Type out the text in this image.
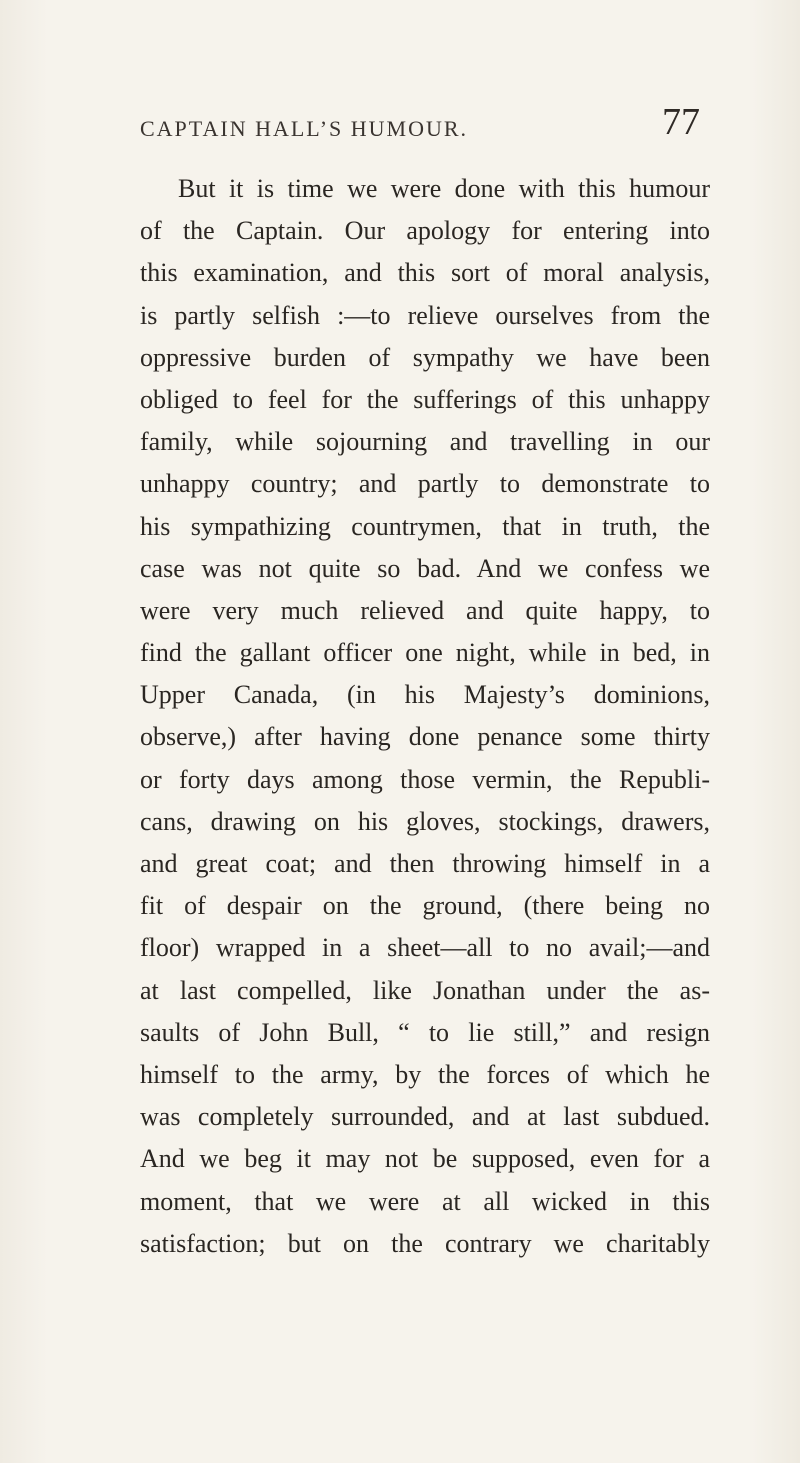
CAPTAIN HALL’S HUMOUR.	77
But it is time we were done with this humour
of the Captain. Our apology for entering into
this examination, and this sort of moral analysis,
is partly selfish :—to relieve ourselves from the
oppressive burden of sympathy we have been
obliged to feel for the sufferings of this unhappy
family, while sojourning and travelling in our
unhappy country; and partly to demonstrate to
his sympathizing countrymen, that in truth, the
case was not quite so bad. And we confess we
were very much relieved and quite happy, to
find the gallant officer one night, while in bed, in
Upper Canada, (in his Majesty’s dominions,
observe,) after having done penance some thirty
or forty days among those vermin, the Republi-
cans, drawing on his gloves, stockings, drawers,
and great coat; and then throwing himself in a
fit of despair on the ground, (there being no
floor) wrapped in a sheet—all to no avail;—and
at last compelled, like Jonathan under the as-
saults of John Bull, “ to lie still,” and resign
himself to the army, by the forces of which he
was completely surrounded, and at last subdued.
And we beg it may not be supposed, even for a
moment, that we were at all wicked in this
satisfaction; but on the contrary we charitably
